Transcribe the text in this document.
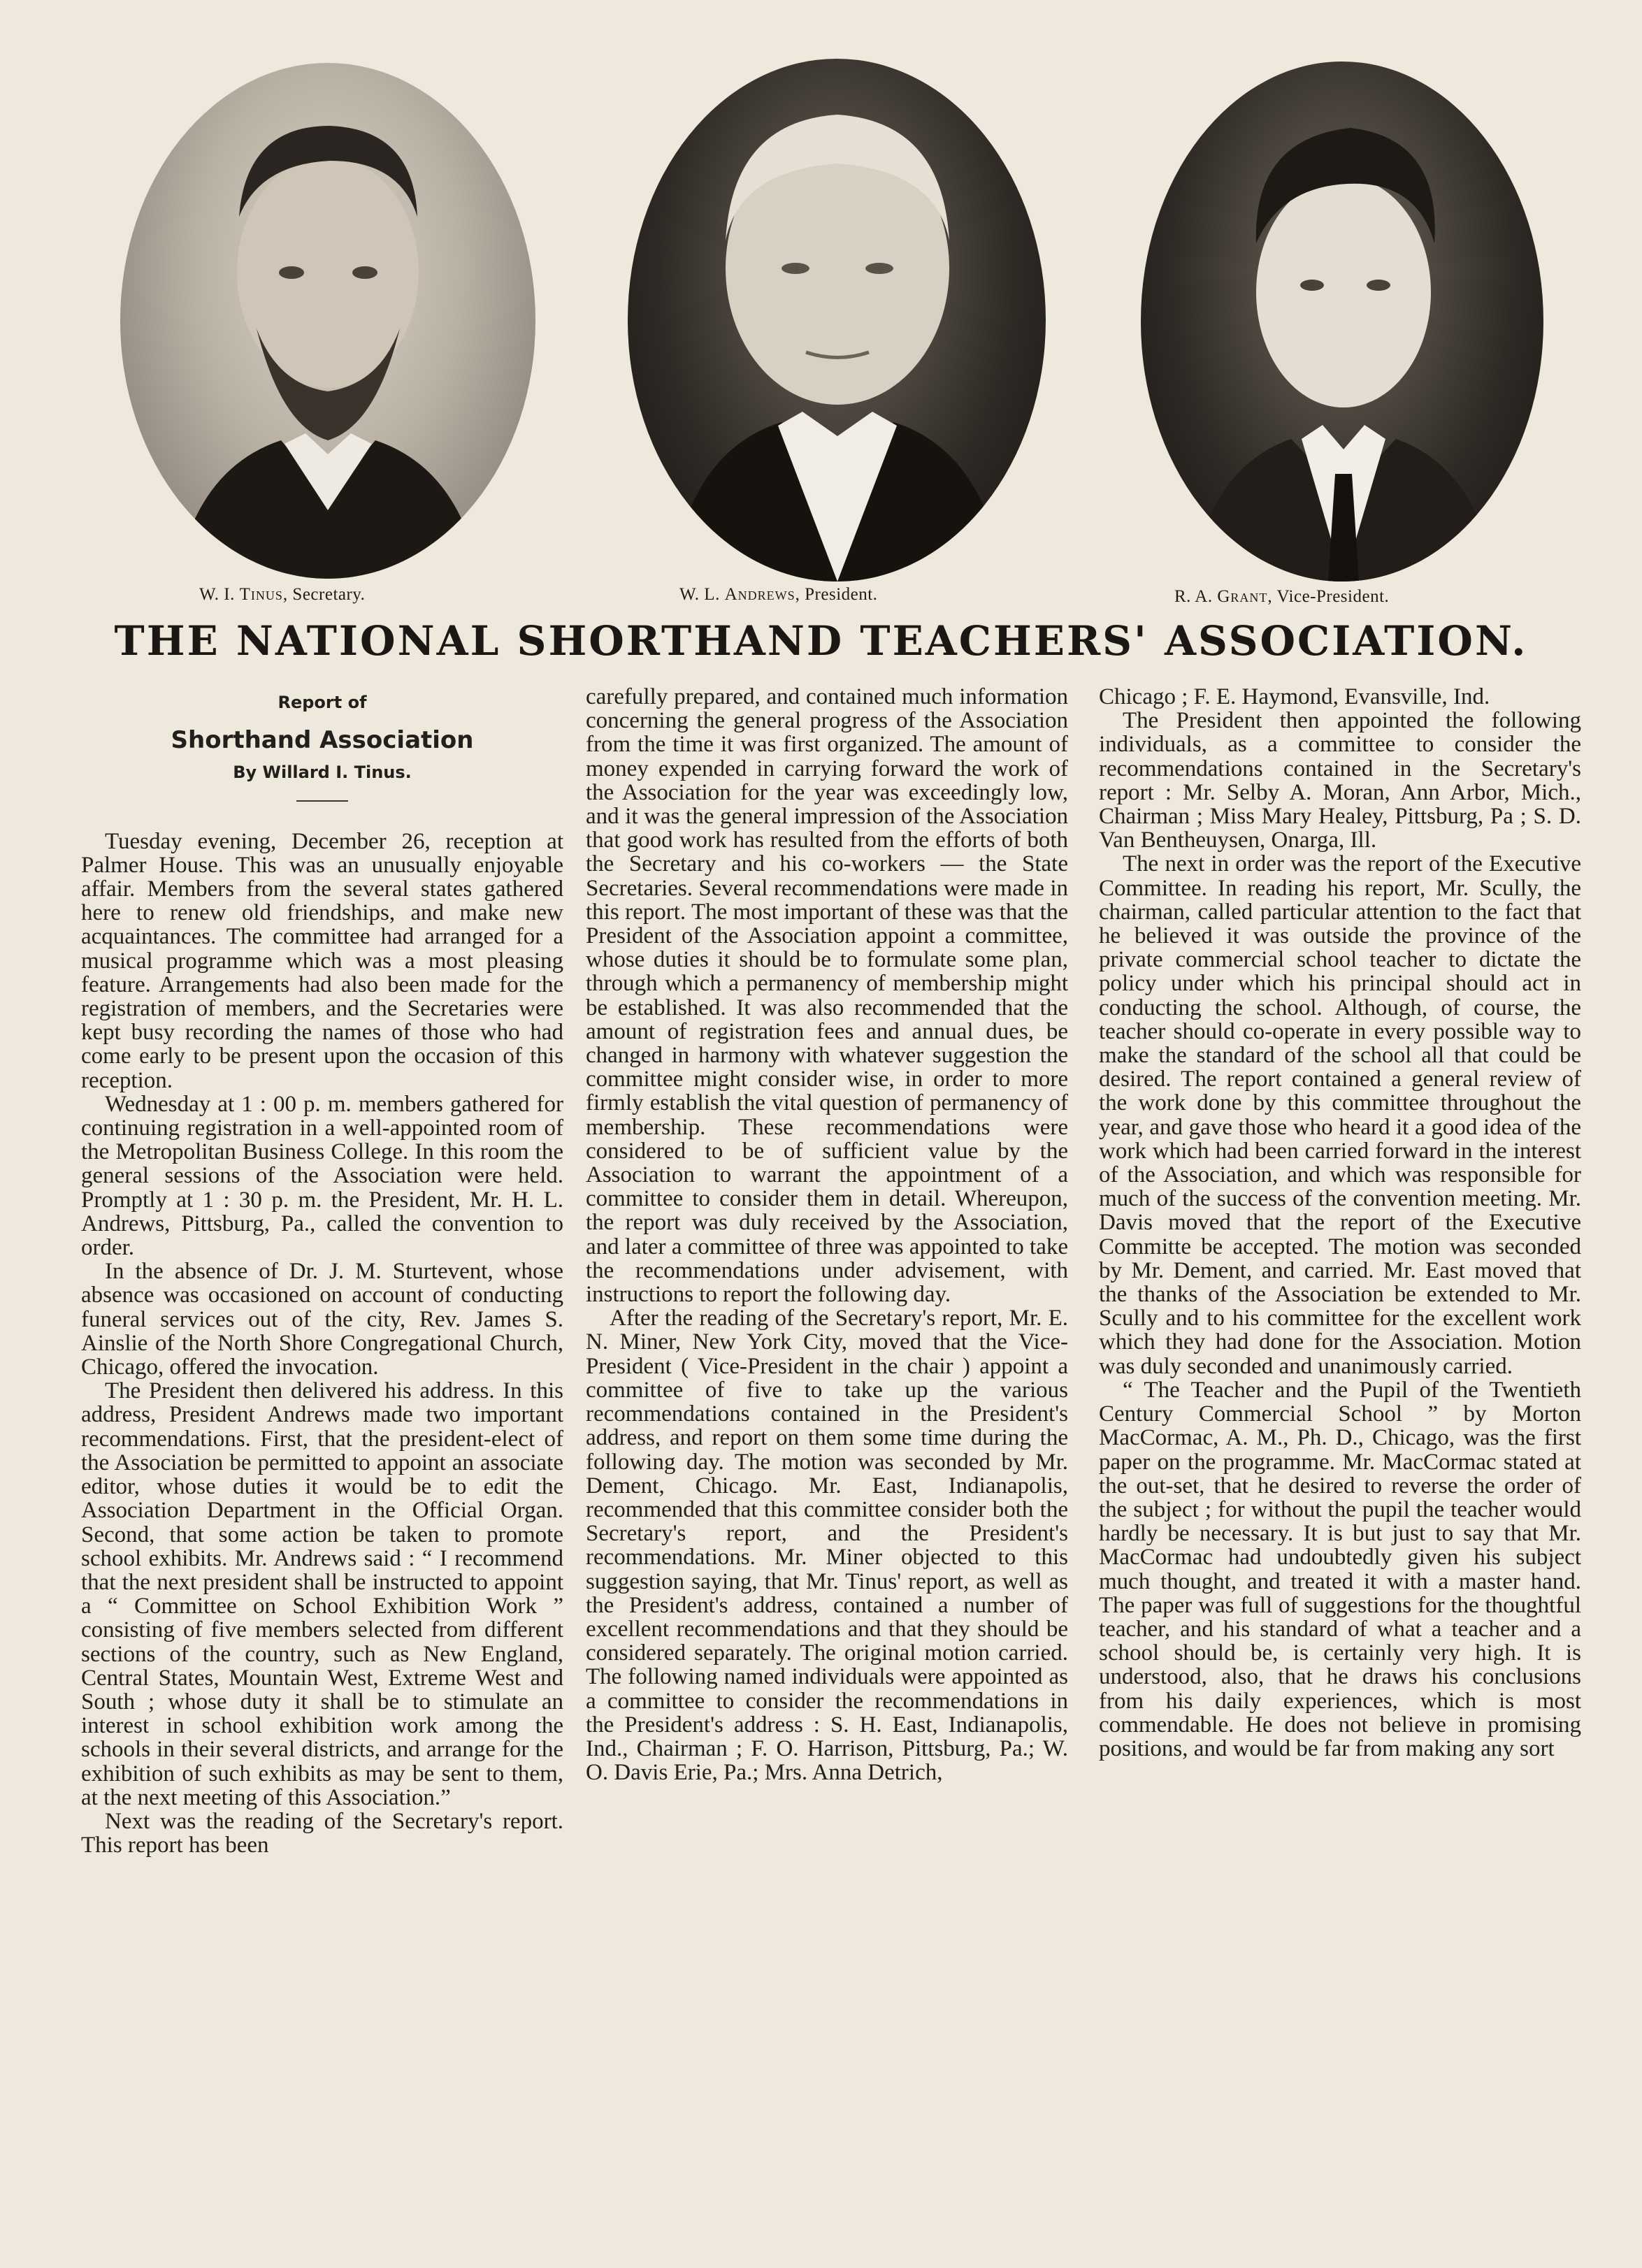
W. I. Tinus, Secretary.	W. L. Andrews, President.	R. A. Grant, Vice-President.
THE NATIONAL SHORTHAND TEACHERS' ASSOCIATION.
Report of
Shorthand Association
By Willard I. Tinus.

Tuesday evening, December 26, reception at Palmer House. This was an unusually enjoyable affair. Members from the several states gathered here to renew old friendships, and make new acquaintances. The committee had arranged for a musical programme which was a most pleasing feature. Arrangements had also been made for the registration of members, and the Secretaries were kept busy recording the names of those who had come early to be present upon the occasion of this reception.

Wednesday at 1 : 00 p. m. members gathered for continuing registration in a well-appointed room of the Metropolitan Business College. In this room the general sessions of the Association were held. Promptly at 1 : 30 p. m. the President, Mr. H. L. Andrews, Pittsburg, Pa., called the convention to order.

In the absence of Dr. J. M. Sturtevent, whose absence was occasioned on account of conducting funeral services out of the city, Rev. James S. Ainslie of the North Shore Congregational Church, Chicago, offered the invocation.

The President then delivered his address. In this address, President Andrews made two important recommendations. First, that the president-elect of the Association be permitted to appoint an associate editor, whose duties it would be to edit the Association Department in the Official Organ. Second, that some action be taken to promote school exhibits. Mr. Andrews said : “ I recommend that the next president shall be instructed to appoint a “ Committee on School Exhibition Work ” consisting of five members selected from different sections of the country, such as New England, Central States, Mountain West, Extreme West and South ; whose duty it shall be to stimulate an interest in school exhibition work among the schools in their several districts, and arrange for the exhibition of such exhibits as may be sent to them, at the next meeting of this Association.”

Next was the reading of the Secretary's report. This report has been

carefully prepared, and contained much information concerning the general progress of the Association from the time it was first organized. The amount of money expended in carrying forward the work of the Association for the year was exceedingly low, and it was the general impression of the Association that good work has resulted from the efforts of both the Secretary and his co-workers — the State Secretaries. Several recommendations were made in this report. The most important of these was that the President of the Association appoint a committee, whose duties it should be to formulate some plan, through which a permanency of membership might be established. It was also recommended that the amount of registration fees and annual dues, be changed in harmony with whatever suggestion the committee might consider wise, in order to more firmly establish the vital question of permanency of membership. These recommendations were considered to be of sufficient value by the Association to warrant the appointment of a committee to consider them in detail. Whereupon, the report was duly received by the Association, and later a committee of three was appointed to take the recommendations under advisement, with instructions to report the following day.

After the reading of the Secretary's report, Mr. E. N. Miner, New York City, moved that the Vice-President ( Vice-President in the chair ) appoint a committee of five to take up the various recommendations contained in the President's address, and report on them some time during the following day. The motion was seconded by Mr. Dement, Chicago. Mr. East, Indianapolis, recommended that this committee consider both the Secretary's report, and the President's recommendations. Mr. Miner objected to this suggestion saying, that Mr. Tinus' report, as well as the President's address, contained a number of excellent recommendations and that they should be considered separately. The original motion carried. The following named individuals were appointed as a committee to consider the recommendations in the President's address : S. H. East, Indianapolis, Ind., Chairman ; F. O. Harrison, Pittsburg, Pa.; W. O. Davis Erie, Pa.; Mrs. Anna Detrich,

Chicago ; F. E. Haymond, Evansville, Ind.

The President then appointed the following individuals, as a committee to consider the recommendations contained in the Secretary's report : Mr. Selby A. Moran, Ann Arbor, Mich., Chairman ; Miss Mary Healey, Pittsburg, Pa ; S. D. Van Bentheuysen, Onarga, Ill.

The next in order was the report of the Executive Committee. In reading his report, Mr. Scully, the chairman, called particular attention to the fact that he believed it was outside the province of the private commercial school teacher to dictate the policy under which his principal should act in conducting the school. Although, of course, the teacher should co-operate in every possible way to make the standard of the school all that could be desired. The report contained a general review of the work done by this committee throughout the year, and gave those who heard it a good idea of the work which had been carried forward in the interest of the Association, and which was responsible for much of the success of the convention meeting. Mr. Davis moved that the report of the Executive Committe be accepted. The motion was seconded by Mr. Dement, and carried. Mr. East moved that the thanks of the Association be extended to Mr. Scully and to his committee for the excellent work which they had done for the Association. Motion was duly seconded and unanimously carried.

“ The Teacher and the Pupil of the Twentieth Century Commercial School ” by Morton MacCormac, A. M., Ph. D., Chicago, was the first paper on the programme. Mr. MacCormac stated at the out-set, that he desired to reverse the order of the subject ; for without the pupil the teacher would hardly be necessary. It is but just to say that Mr. MacCormac had undoubtedly given his subject much thought, and treated it with a master hand. The paper was full of suggestions for the thoughtful teacher, and his standard of what a teacher and a school should be, is certainly very high. It is understood, also, that he draws his conclusions from his daily experiences, which is most commendable. He does not believe in promising positions, and would be far from making any sort
